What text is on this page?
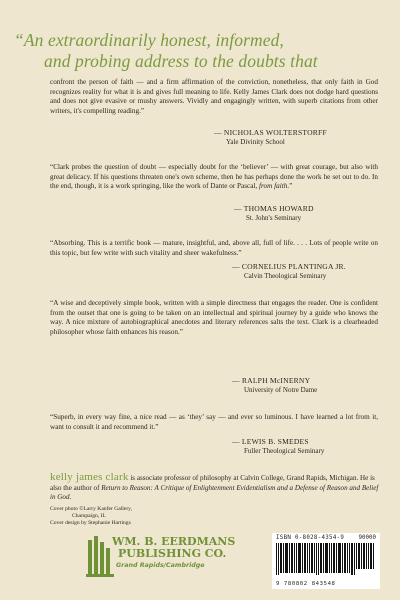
“An extraordinarily honest, informed,
and probing address to the doubts that
confront the person of faith — and a firm affirmation of the conviction, nonetheless, that only faith in God recognizes reality for what it is and gives full meaning to life. Kelly James Clark does not dodge hard questions and does not give evasive or mushy answers. Vividly and engagingly written, with superb citations from other writers, it's compelling reading.”
— NICHOLAS WOLTERSTORFF
Yale Divinity School
“Clark probes the question of doubt — especially doubt for the ‘believer’ — with great courage, but also with great delicacy. If his questions threaten one's own scheme, then he has perhaps done the work he set out to do. In the end, though, it is a work springing, like the work of Dante or Pascal, from faith.”
— THOMAS HOWARD
St. John's Seminary
“Absorbing. This is a terrific book — mature, insightful, and, above all, full of life. . . . Lots of people write on this topic, but few write with such vitality and sheer wakefulness.”
— CORNELIUS PLANTINGA JR.
Calvin Theological Seminary
“A wise and deceptively simple book, written with a simple directness that engages the reader. One is confident from the outset that one is going to be taken on an intellectual and spiritual journey by a guide who knows the way. A nice mixture of autobiographical anecdotes and literary references salts the text. Clark is a clearheaded philosopher whose faith enhances his reason.”
— RALPH McINERNY
University of Notre Dame
“Superb, in every way fine, a nice read — as ‘they’ say — and ever so luminous. I have learned a lot from it, want to consult it and recommend it.”
— LEWIS B. SMEDES
Fuller Theological Seminary
kelly james clark is associate professor of philosophy at Calvin College, Grand Rapids, Michigan. He is also the author of Return to Reason: A Critique of Enlightenment Evidentialism and a Defense of Reason and Belief in God.
Cover photo ©Larry Kanfer Gallery,
Champaign, IL
Cover design by Stephanie Hartings
WM. B. EERDMANS
PUBLISHING CO.
Grand Rapids/Cambridge
ISBN 0-8028-4354-9 90000
9 780802 843548
